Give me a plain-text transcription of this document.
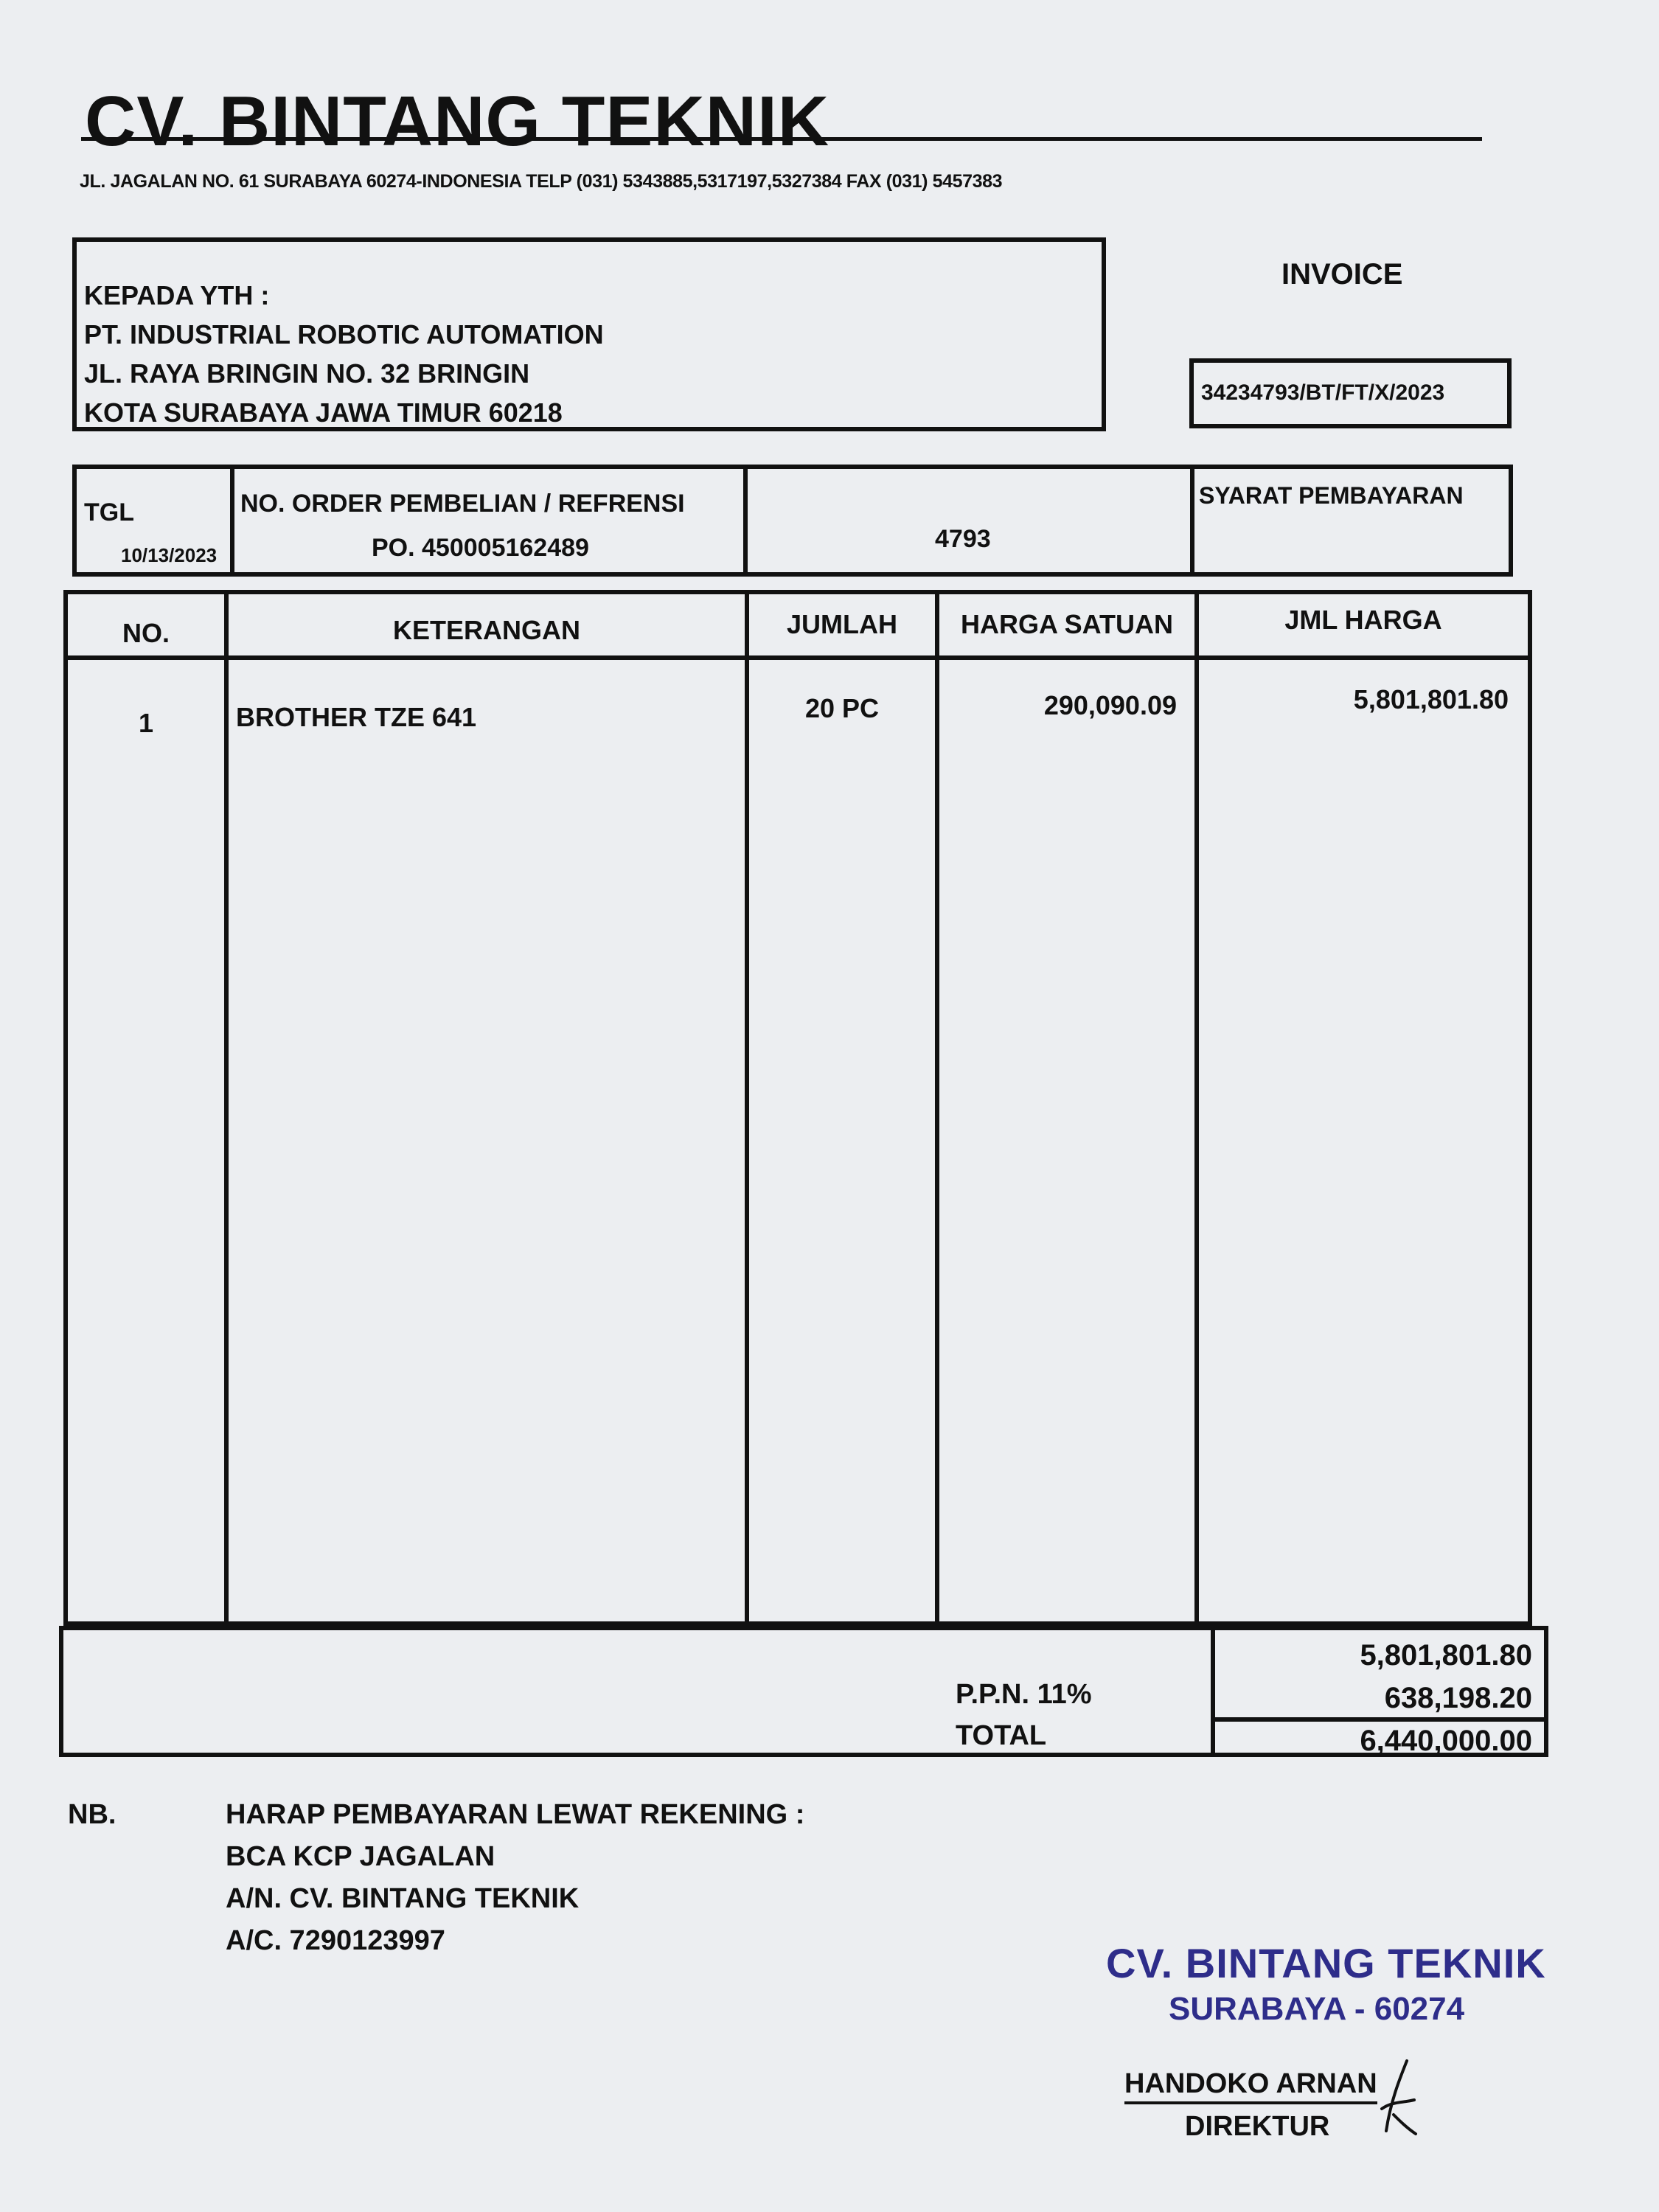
CV. BINTANG TEKNIK
JL. JAGALAN NO. 61 SURABAYA 60274-INDONESIA TELP (031) 5343885,5317197,5327384 FAX (031) 5457383
KEPADA YTH :
PT. INDUSTRIAL ROBOTIC AUTOMATION
JL. RAYA BRINGIN NO. 32 BRINGIN
KOTA SURABAYA JAWA TIMUR 60218
INVOICE
34234793/BT/FT/X/2023
TGL
10/13/2023
NO. ORDER PEMBELIAN / REFRENSI
PO. 450005162489	4793
SYARAT PEMBAYARAN
NO.	KETERANGAN	JUMLAH	HARGA SATUAN	JML HARGA
1	BROTHER TZE 641	20 PC	290,090.09	5,801,801.80
5,801,801.80
P.P.N. 11%	638,198.20
TOTAL	6,440,000.00
NB.	HARAP PEMBAYARAN LEWAT REKENING :
BCA KCP JAGALAN
A/N. CV. BINTANG TEKNIK
A/C. 7290123997	CV. BINTANG TEKNIK
SURABAYA - 60274
HANDOKO ARNAN
DIREKTUR
